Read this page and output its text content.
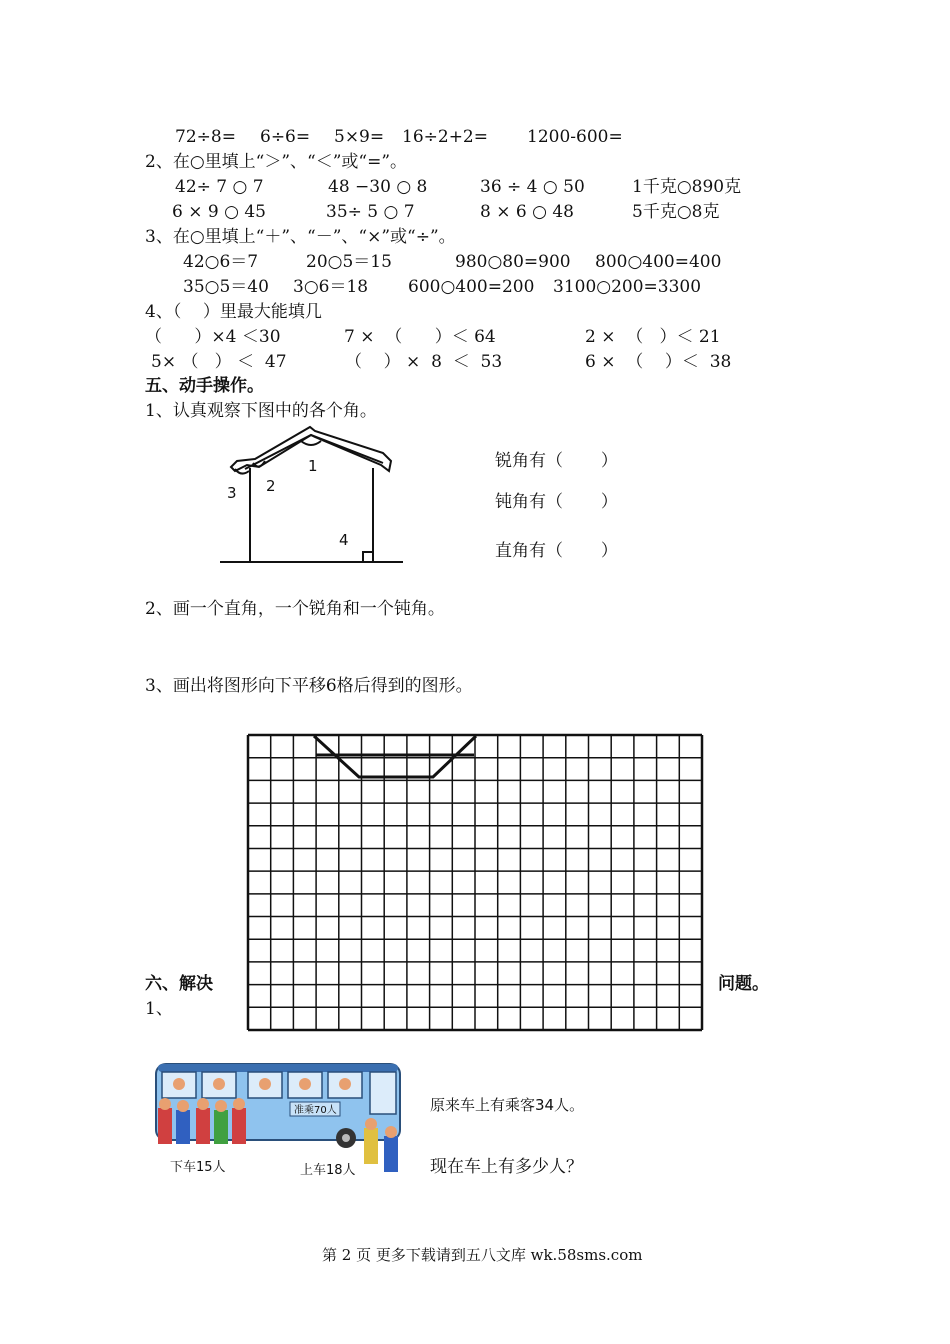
72÷8= 6÷6= 5×9= 16÷2+2= 1200-600=
2、在○里填上“＞”、“＜”或“=”。
42÷ 7 ○ 7	48 −30 ○ 8	36 ÷ 4 ○ 50	1千克○890克
6 × 9 ○ 45	35÷ 5 ○ 7	8 × 6 ○ 48	5千克○8克
3、在○里填上“＋”、“－”、“×”或“÷”。
42○6＝7	20○5＝15	980○80=900 800○400=400
35○5＝40 3○6＝18 600○400=200 3100○200=3300
4、（    ）里最大能填几
（      ）×4 ＜30	7 ×  （      ）＜ 64	2 ×  （   ）＜ 21
5× （   ） ＜  47	（    ） ×  8  ＜  53	6 ×  （    ）＜  38
五、动手操作。
1、认真观察下图中的各个角。
1
2
3
4
锐角有（       ）
钝角有（       ）
直角有（       ）
2、画一个直角，一个锐角和一个钝角。
3、画出将图形向下平移6格后得到的图形。
六、解决	问题。
1、
准乘70人
下车15人	上车18人
原来车上有乘客34人。
现在车上有多少人？
第 2 页 更多下载请到五八文库 wk.58sms.com
